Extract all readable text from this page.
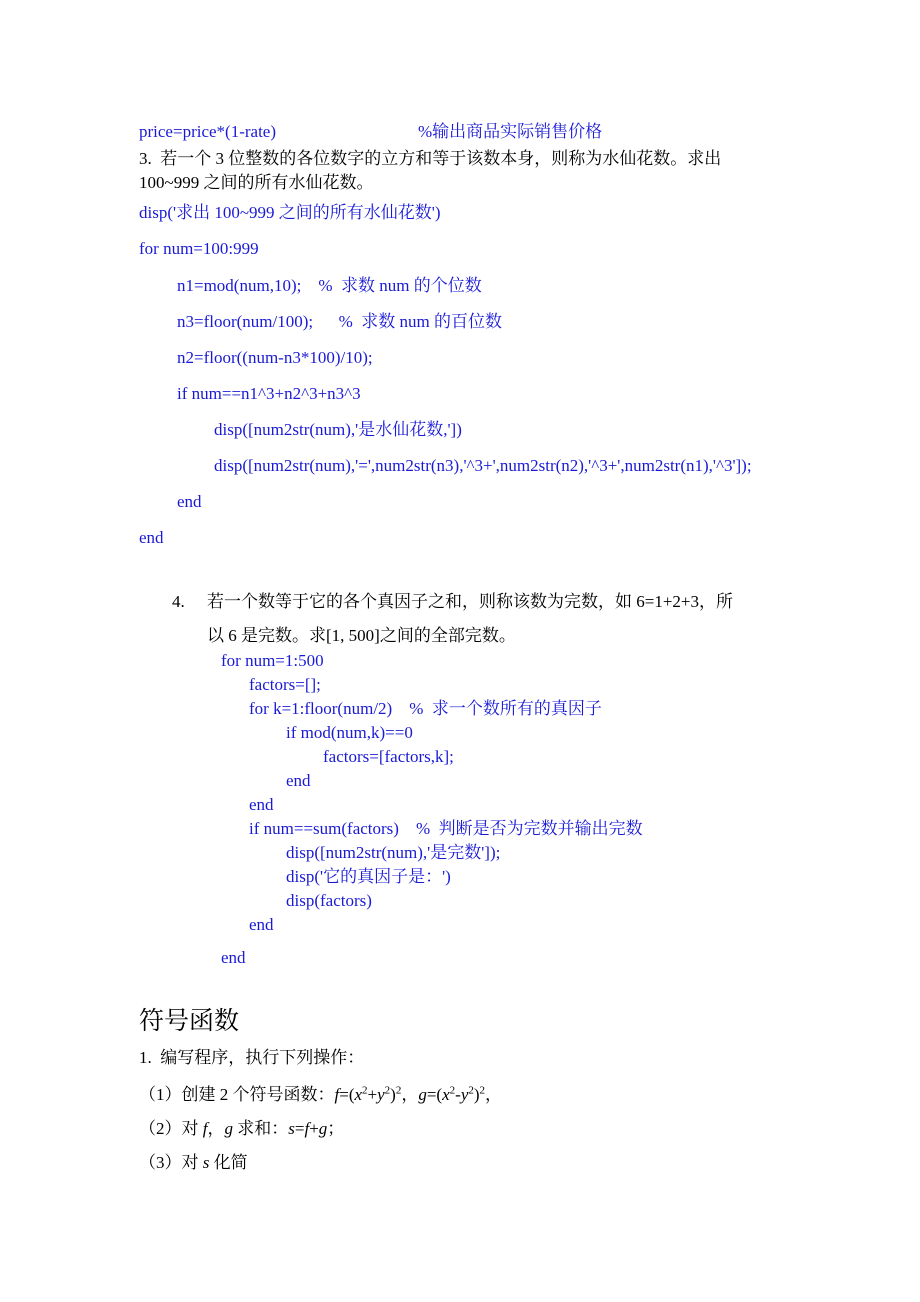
price=price*(1-rate)	%输出商品实际销售价格
3.  若一个 3 位整数的各位数字的立方和等于该数本身，则称为水仙花数。求出
100~999 之间的所有水仙花数。
disp('求出 100~999 之间的所有水仙花数')
for num=100:999
n1=mod(num,10);    %  求数 num 的个位数
n3=floor(num/100);      %  求数 num 的百位数
n2=floor((num-n3*100)/10);
if num==n1^3+n2^3+n3^3
disp([num2str(num),'是水仙花数,'])
disp([num2str(num),'=',num2str(n3),'^3+',num2str(n2),'^3+',num2str(n1),'^3']);
end
end
4. 若一个数等于它的各个真因子之和，则称该数为完数，如 6=1+2+3，所
以 6 是完数。求[1, 500]之间的全部完数。
for num=1:500
factors=[];
for k=1:floor(num/2)    %  求一个数所有的真因子
if mod(num,k)==0
factors=[factors,k];
end
end
if num==sum(factors)    %  判断是否为完数并输出完数
disp([num2str(num),'是完数']);
disp('它的真因子是：')
disp(factors)
end
end
符号函数
1.  编写程序，执行下列操作：
（1）创建 2 个符号函数：$f=(x^2+y^2)^2$，$g=(x^2-y^2)^2$，
（2）对 f，g 求和：s=f+g；
（3）对 s 化简
